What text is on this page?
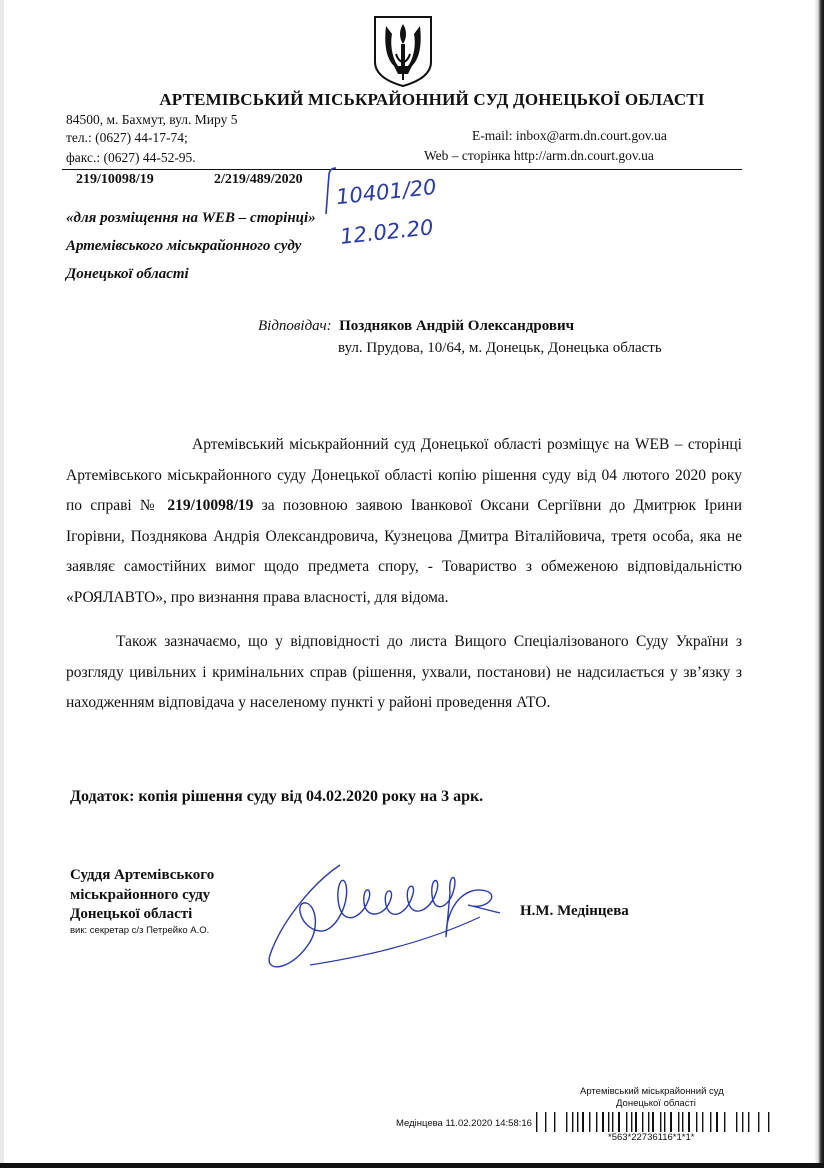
АРТЕМІВСЬКИЙ МІСЬКРАЙОННИЙ СУД ДОНЕЦЬКОЇ ОБЛАСТІ
84500, м. Бахмут, вул. Миру 5
тел.: (0627) 44-17-74;
факс.: (0627) 44-52-95.
E-mail: inbox@arm.dn.court.gov.ua
Web – сторінка http://arm.dn.court.gov.ua
219/10098/19	2/219/489/2020 10401/20
12.02.20
«для розміщення на WEB – сторінці»
Артемівського міськрайонного суду
Донецької області
Відповідач: Поздняков Андрій Олександрович
вул. Прудова, 10/64, м. Донецьк, Донецька область

Артемівський міськрайонний суд Донецької області розміщує на WEB – сторінці Артемівського міськрайонного суду Донецької області копію рішення суду від 04 лютого 2020 року по справі № 219/10098/19 за позовною заявою Іванкової Оксани Сергіївни до Дмитрюк Ірини Ігорівни, Позднякова Андрія Олександровича, Кузнецова Дмитра Віталійовича, третя особа, яка не заявляє самостійних вимог щодо предмета спору, - Товариство з обмеженою відповідальністю «РОЯЛАВТО», про визнання права власності, для відома.

Також зазначаємо, що у відповідності до листа Вищого Спеціалізованого Суду України з розгляду цивільних і кримінальних справ (рішення, ухвали, постанови) не надсилається у зв’язку з находженням відповідача у населеному пункті у районі проведення АТО.

Додаток: копія рішення суду від 04.02.2020 року на 3 арк.
Суддя Артемівського
міськрайонного суду
Донецької області
вик: секретар с/з Петрейко А.О.
Н.М. Медінцева
Артемівський міськрайонний суд
Донецької області
Медінцева 11.02.2020 14:58:16
*563*22736116*1*1*
